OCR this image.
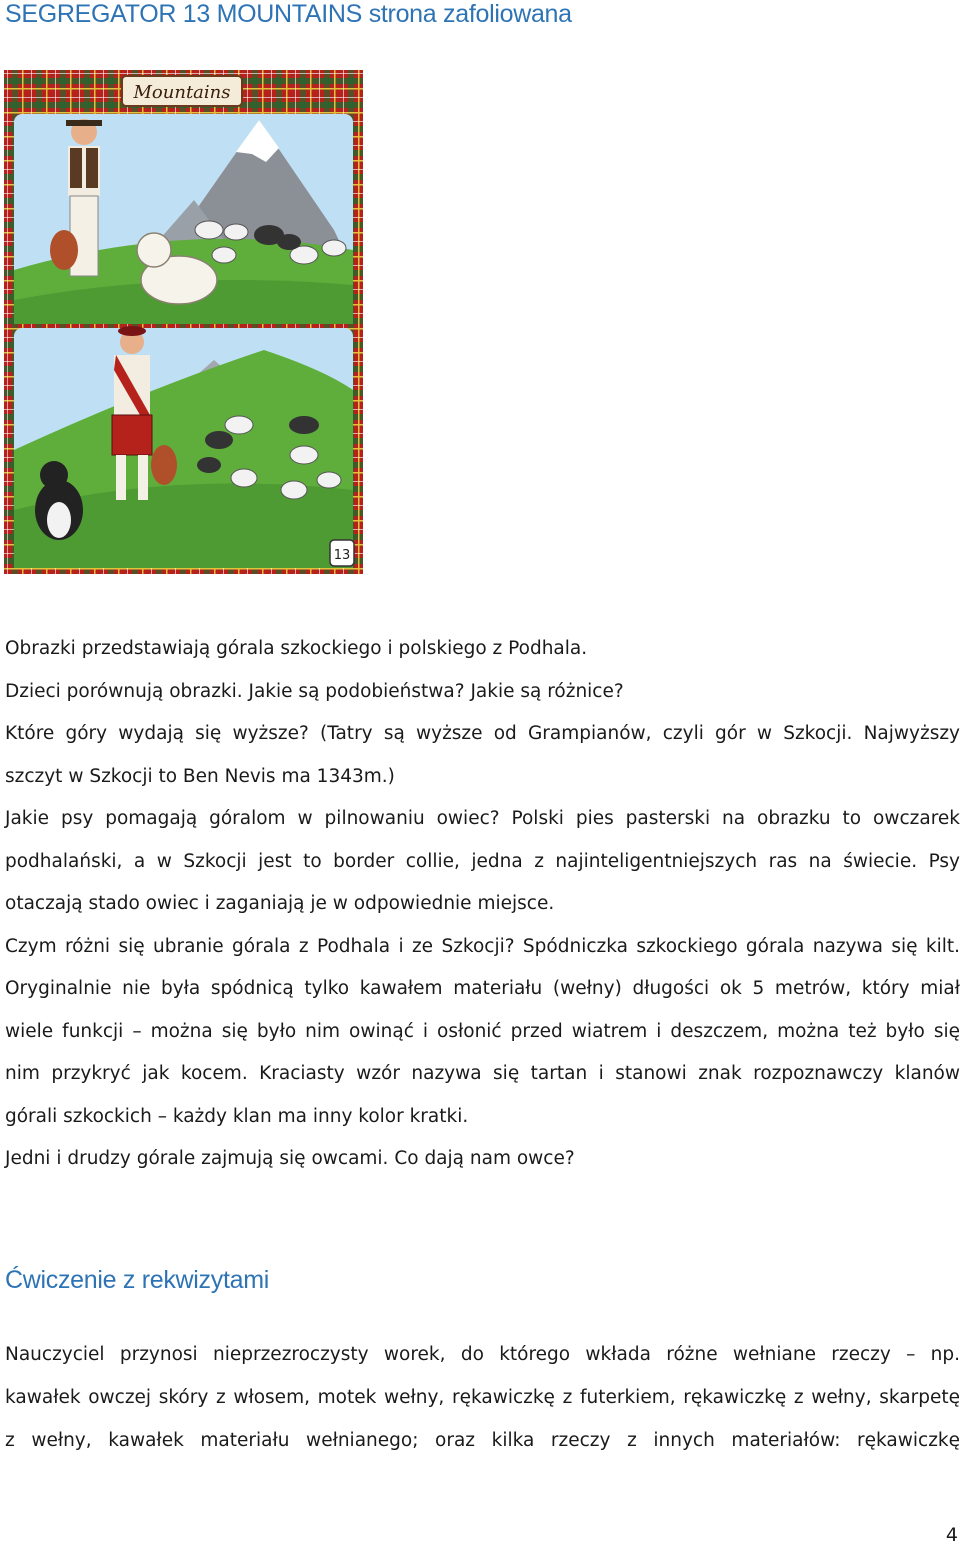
SEGREGATOR 13 MOUNTAINS strona zafoliowana
Mountains
13

Obrazki przedstawiają górala szkockiego i polskiego z Podhala.

Dzieci porównują obrazki. Jakie są podobieństwa? Jakie są różnice?

Które góry wydają się wyższe? (Tatry są wyższe od Grampianów, czyli gór w Szkocji. Najwyższy

szczyt w Szkocji to Ben Nevis ma 1343m.)

Jakie psy pomagają góralom w pilnowaniu owiec? Polski pies pasterski na obrazku to owczarek

podhalański, a w Szkocji jest to border collie, jedna z najinteligentniejszych ras na świecie. Psy

otaczają stado owiec i zaganiają je w odpowiednie miejsce.

Czym różni się ubranie górala z Podhala i ze Szkocji? Spódniczka szkockiego górala nazywa się kilt.

Oryginalnie nie była spódnicą tylko kawałem materiału (wełny) długości ok 5 metrów, który miał

wiele funkcji – można się było nim owinąć i osłonić przed wiatrem i deszczem, można też było się

nim przykryć jak kocem. Kraciasty wzór nazywa się tartan i stanowi znak rozpoznawczy klanów

górali szkockich – każdy klan ma inny kolor kratki.

Jedni i drudzy górale zajmują się owcami. Co dają nam owce?

Ćwiczenie z rekwizytami

Nauczyciel przynosi nieprzezroczysty worek, do którego wkłada różne wełniane rzeczy – np.

kawałek owczej skóry z włosem, motek wełny, rękawiczkę z futerkiem, rękawiczkę z wełny, skarpetę

z wełny, kawałek materiału wełnianego; oraz kilka rzeczy z innych materiałów: rękawiczkę

4
